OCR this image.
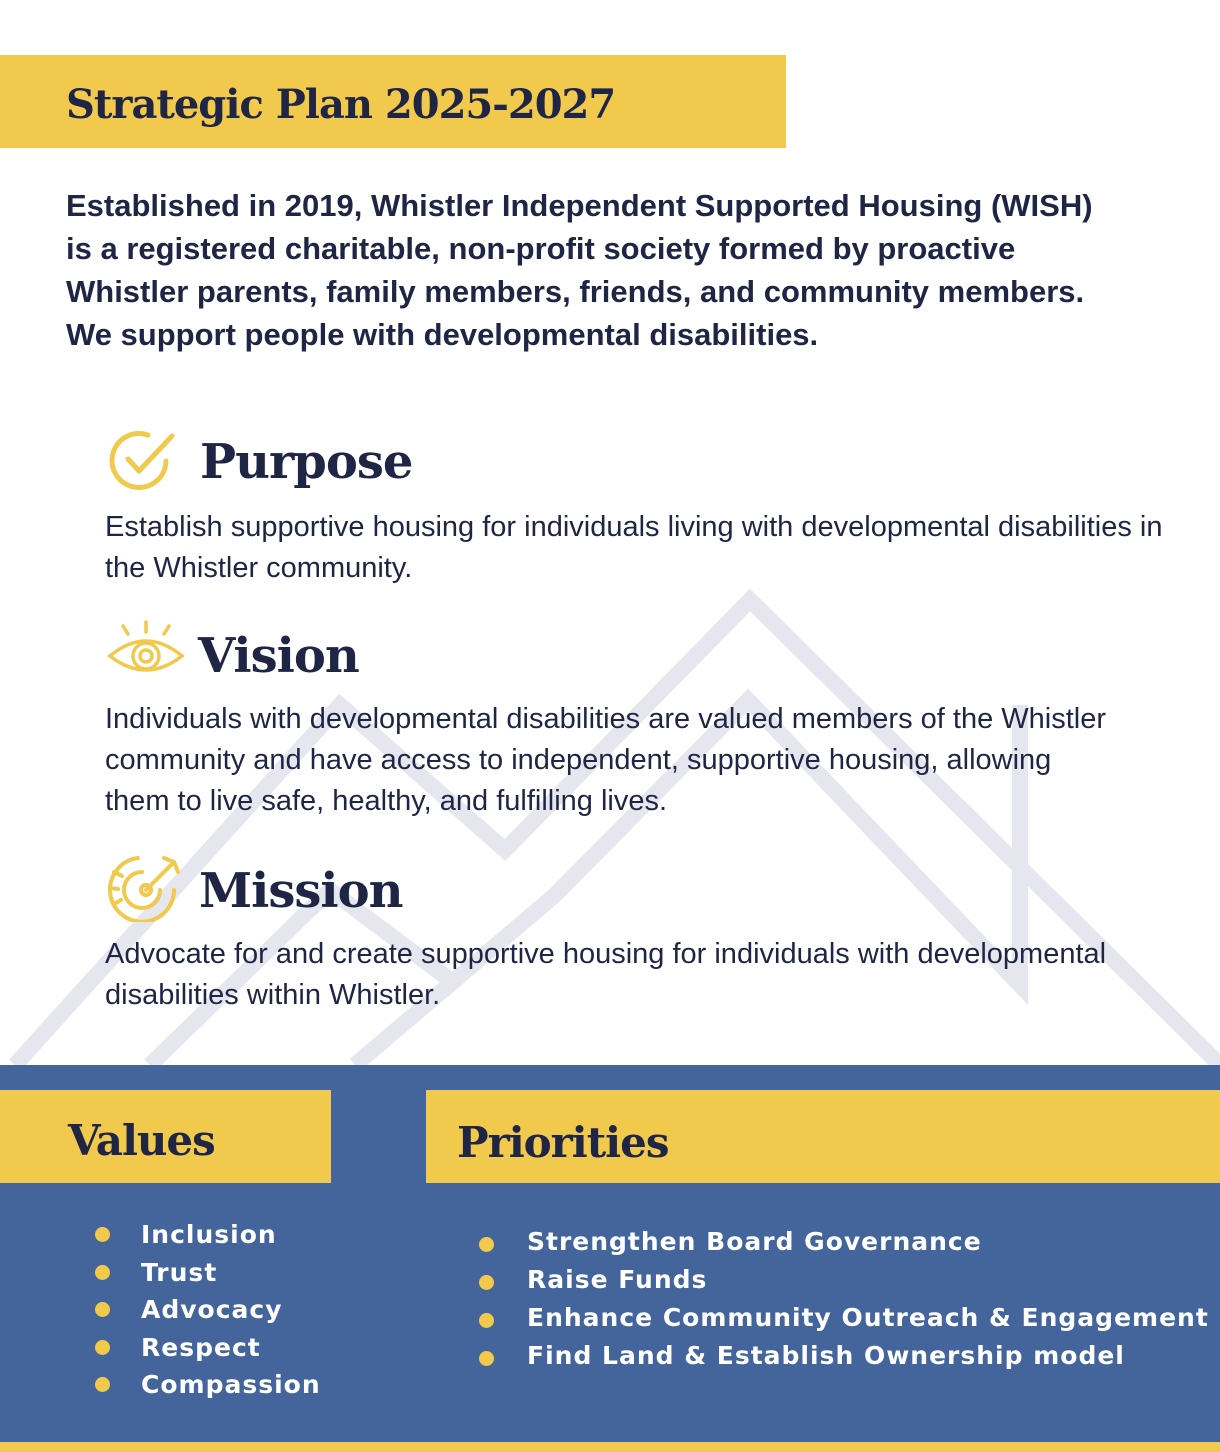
Strategic Plan 2025-2027

Established in 2019, Whistler Independent Supported Housing (WISH) is a registered charitable, non-profit society formed by proactive Whistler parents, family members, friends, and community members. We support people with developmental disabilities.

Purpose

Establish supportive housing for individuals living with developmental disabilities in the Whistler community.

Vision

Individuals with developmental disabilities are valued members of the Whistler community and have access to independent, supportive housing, allowing them to live safe, healthy, and fulfilling lives.

Mission

Advocate for and create supportive housing for individuals with developmental disabilities within Whistler.

Values	Priorities
Inclusion
Trust
Advocacy
Respect
Compassion
Strengthen Board Governance
Raise Funds
Enhance Community Outreach & Engagement
Find Land & Establish Ownership model
